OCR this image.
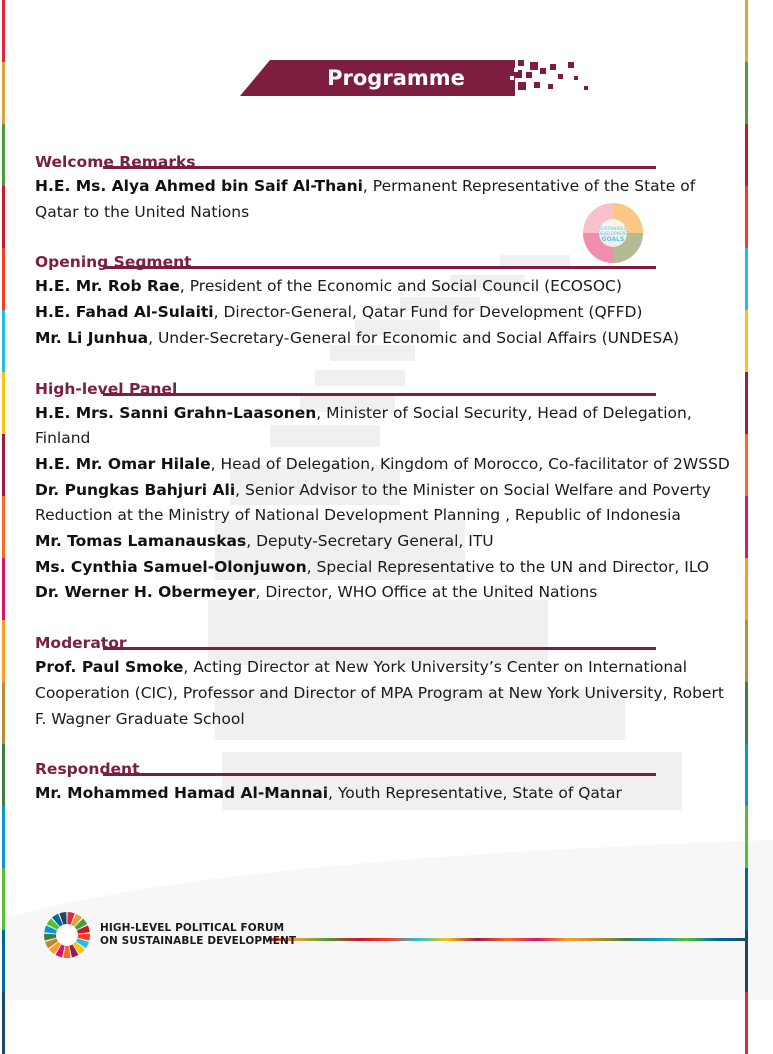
Programme
SUSTAINABLE
DEVELOPMENT
GOALS
Welcome Remarks

H.E. Ms. Alya Ahmed bin Saif Al-Thani, Permanent Representative of the State of Qatar to the United Nations

Opening Segment

H.E. Mr. Rob Rae, President of the Economic and Social Council (ECOSOC)

H.E. Fahad Al-Sulaiti, Director-General, Qatar Fund for Development (QFFD)

Mr. Li Junhua, Under-Secretary-General for Economic and Social Affairs (UNDESA)

High-level Panel

H.E. Mrs. Sanni Grahn-Laasonen, Minister of Social Security, Head of Delegation, Finland

H.E. Mr. Omar Hilale, Head of Delegation, Kingdom of Morocco, Co-facilitator of 2WSSD

Dr. Pungkas Bahjuri Ali, Senior Advisor to the Minister on Social Welfare and Poverty Reduction at the Ministry of National Development Planning , Republic of Indonesia

Mr. Tomas Lamanauskas, Deputy-Secretary General, ITU

Ms. Cynthia Samuel-Olonjuwon, Special Representative to the UN and Director, ILO

Dr. Werner H. Obermeyer, Director, WHO Office at the United Nations

Moderator

Prof. Paul Smoke, Acting Director at New York University’s Center on International Cooperation (CIC), Professor and Director of MPA Program at New York University, Robert F. Wagner Graduate School

Respondent

Mr. Mohammed Hamad Al-Mannai, Youth Representative, State of Qatar

HIGH-LEVEL POLITICAL FORUM
ON SUSTAINABLE DEVELOPMENT
